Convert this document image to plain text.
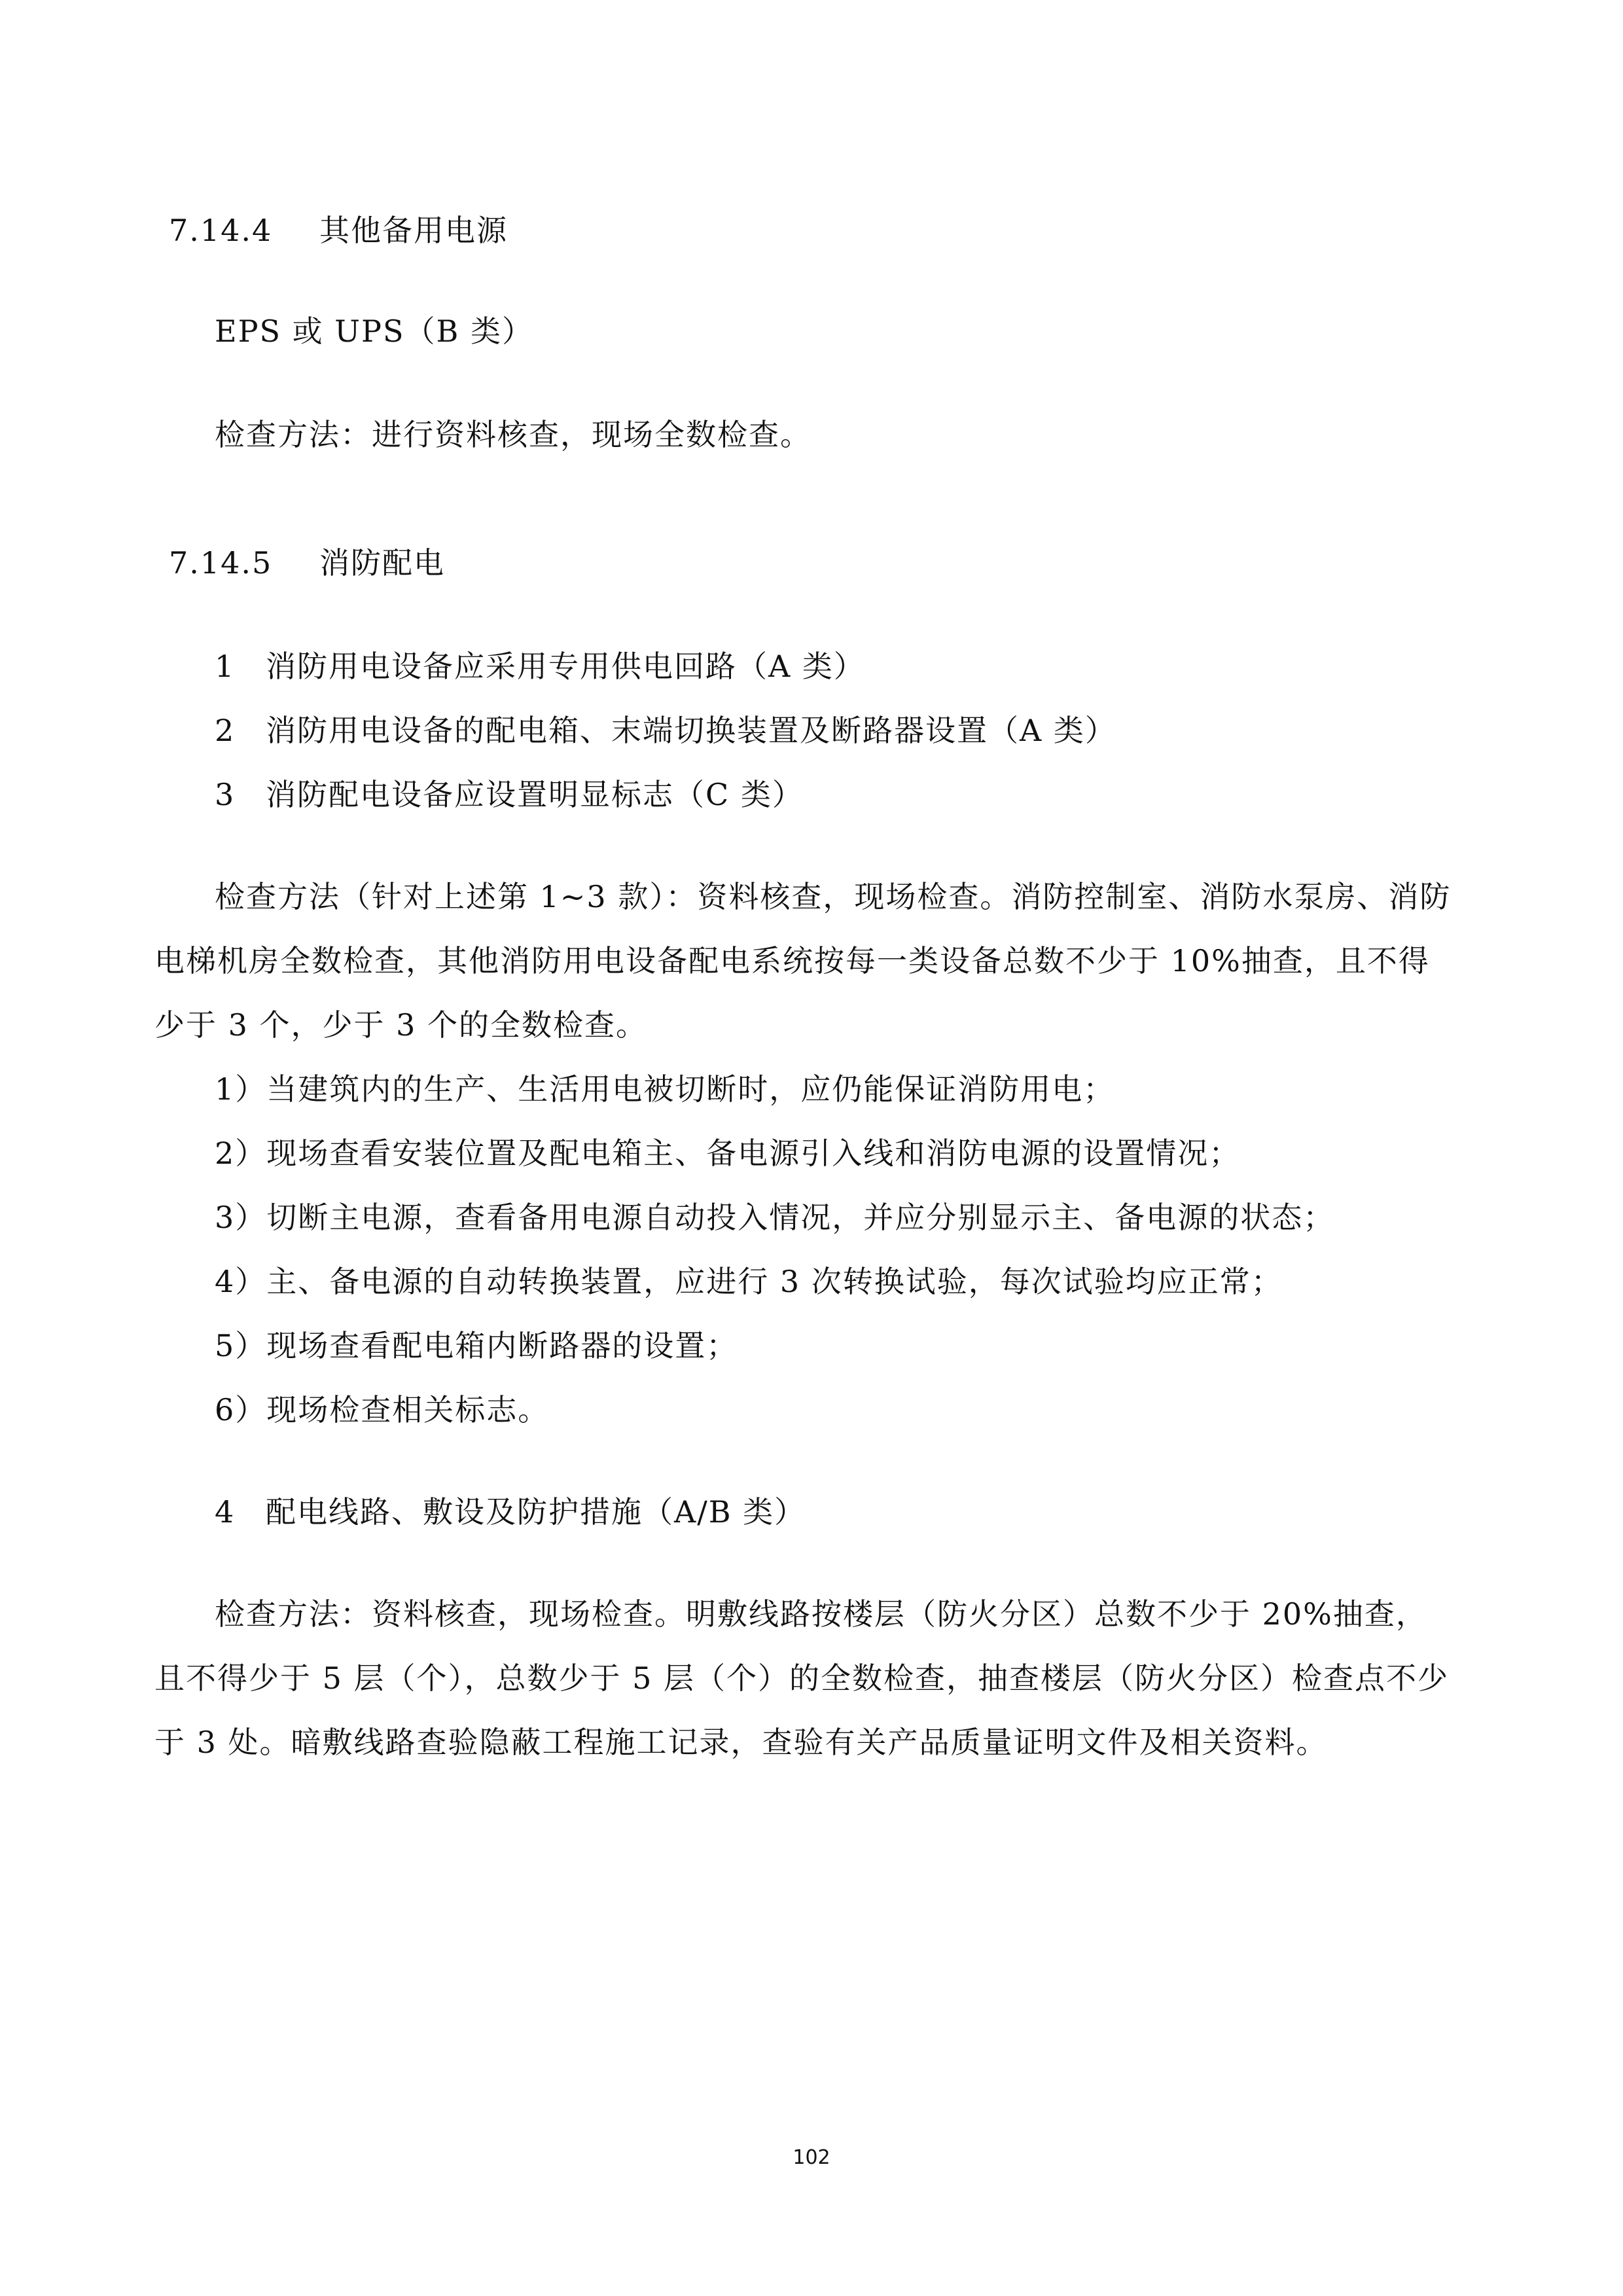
7.14.4 其他备用电源
EPS 或 UPS（B 类）
检查方法：进行资料核查，现场全数检查。
7.14.5 消防配电
1 消防用电设备应采用专用供电回路（A 类）
2 消防用电设备的配电箱、末端切换装置及断路器设置（A 类）
3 消防配电设备应设置明显标志（C 类）
检查方法（针对上述第 1~3 款）：资料核查，现场检查。消防控制室、消防水泵房、消防
电梯机房全数检查，其他消防用电设备配电系统按每一类设备总数不少于 10%抽查，且不得
少于 3 个，少于 3 个的全数检查。
1）当建筑内的生产、生活用电被切断时，应仍能保证消防用电；
2）现场查看安装位置及配电箱主、备电源引入线和消防电源的设置情况；
3）切断主电源，查看备用电源自动投入情况，并应分别显示主、备电源的状态；
4）主、备电源的自动转换装置，应进行 3 次转换试验，每次试验均应正常；
5）现场查看配电箱内断路器的设置；
6）现场检查相关标志。
4 配电线路、敷设及防护措施（A/B 类）
检查方法：资料核查，现场检查。明敷线路按楼层（防火分区）总数不少于 20%抽查，
且不得少于 5 层（个），总数少于 5 层（个）的全数检查，抽查楼层（防火分区）检查点不少
于 3 处。暗敷线路查验隐蔽工程施工记录，查验有关产品质量证明文件及相关资料。
102
